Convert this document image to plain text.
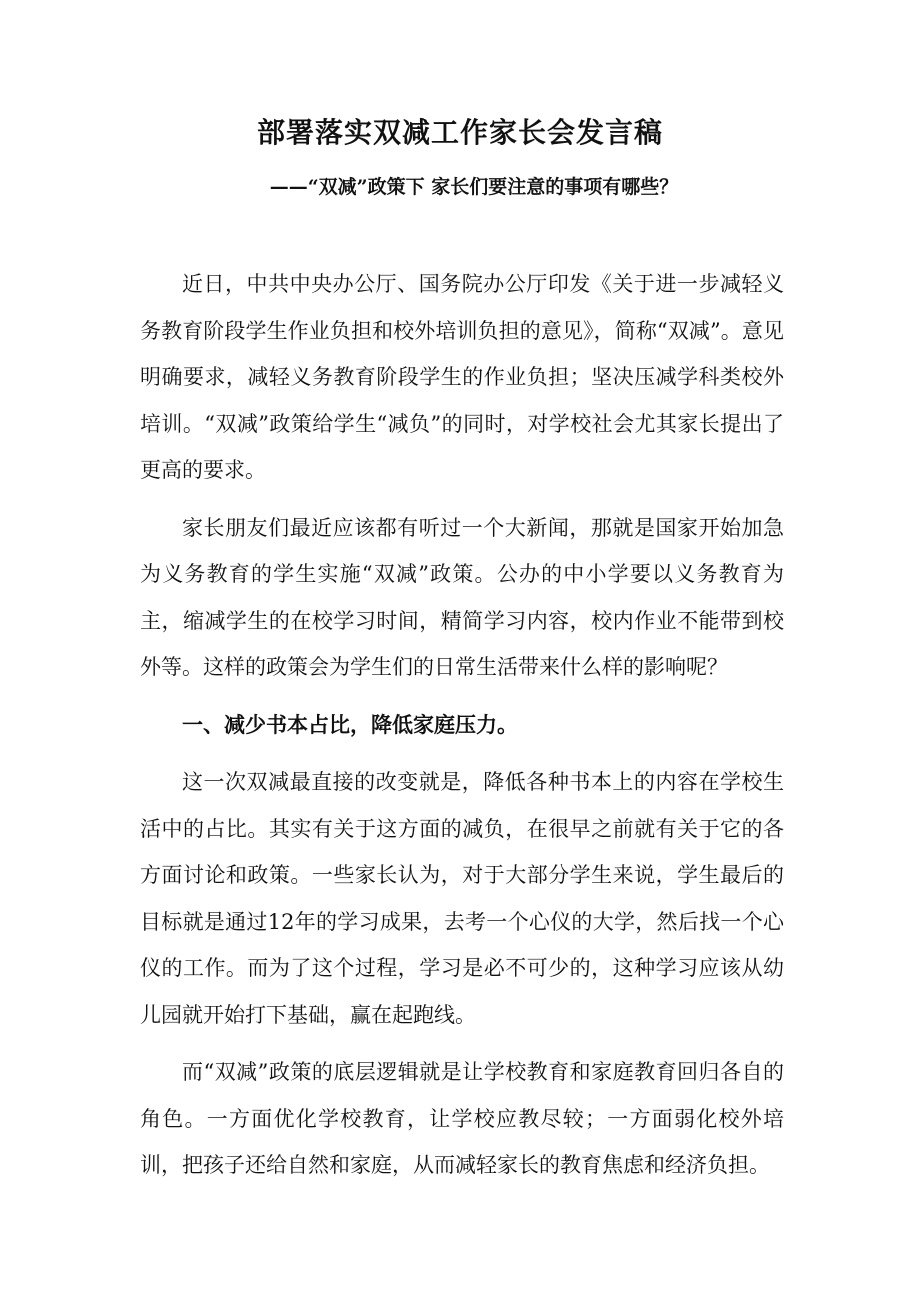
部署落实双减工作家长会发言稿
——“双减”政策下 家长们要注意的事项有哪些？

近日，中共中央办公厅、国务院办公厅印发《关于进一步减轻义务教育阶段学生作业负担和校外培训负担的意见》，简称“双减”。意见明确要求，减轻义务教育阶段学生的作业负担；坚决压减学科类校外培训。“双减”政策给学生“减负”的同时，对学校社会尤其家长提出了更高的要求。

家长朋友们最近应该都有听过一个大新闻，那就是国家开始加急为义务教育的学生实施“双减”政策。公办的中小学要以义务教育为主，缩减学生的在校学习时间，精简学习内容，校内作业不能带到校外等。这样的政策会为学生们的日常生活带来什么样的影响呢？

一、减少书本占比，降低家庭压力。

这一次双减最直接的改变就是，降低各种书本上的内容在学校生活中的占比。其实有关于这方面的减负，在很早之前就有关于它的各方面讨论和政策。一些家长认为，对于大部分学生来说，学生最后的目标就是通过12年的学习成果，去考一个心仪的大学，然后找一个心仪的工作。而为了这个过程，学习是必不可少的，这种学习应该从幼儿园就开始打下基础，赢在起跑线。

而“双减”政策的底层逻辑就是让学校教育和家庭教育回归各自的角色。一方面优化学校教育，让学校应教尽较；一方面弱化校外培训，把孩子还给自然和家庭，从而减轻家长的教育焦虑和经济负担。
